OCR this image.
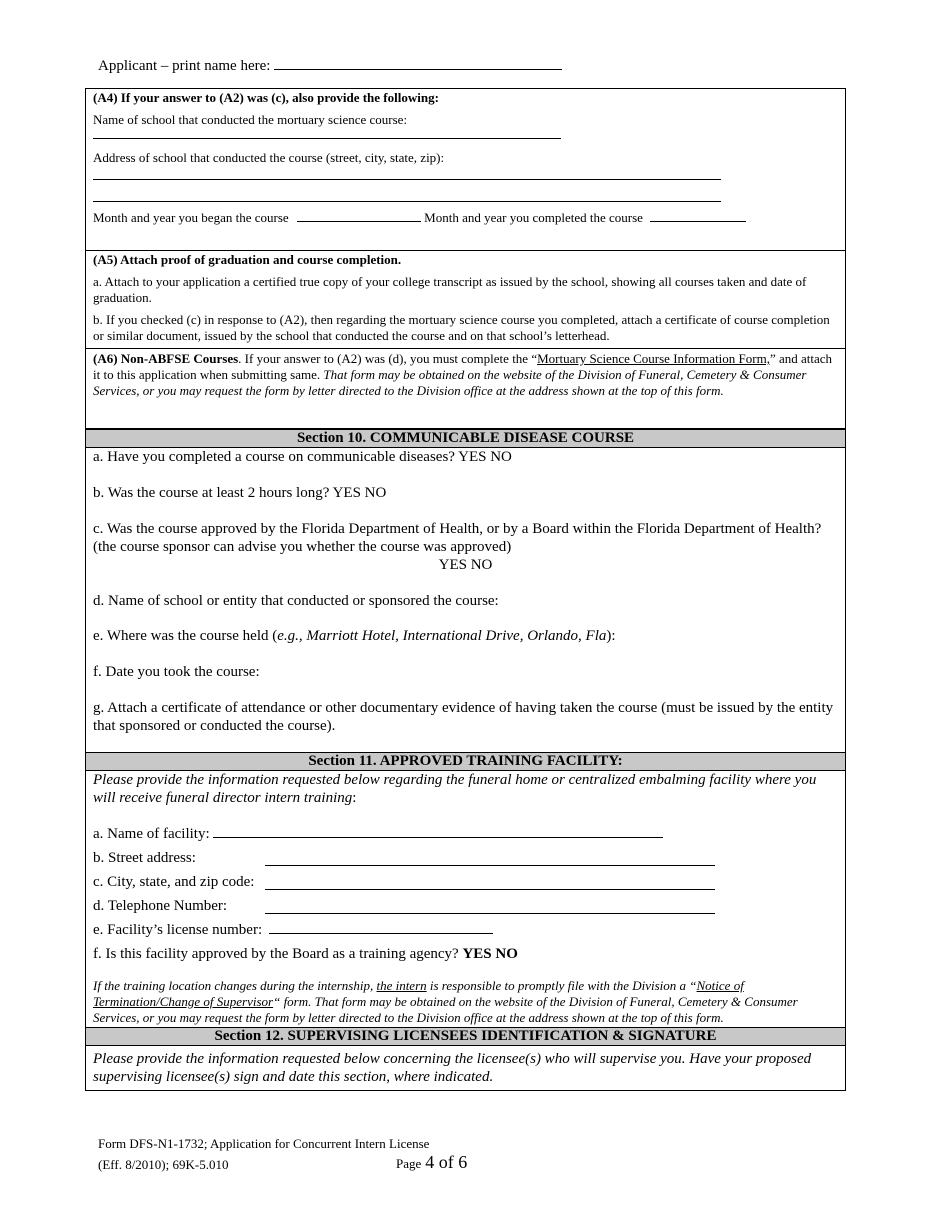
Applicant – print name here:
(A4) If your answer to (A2) was (c), also provide the following:
Name of school that conducted the mortuary science course:
Address of school that conducted the course (street, city, state, zip):
Month and year you began the course	Month and year you completed the course
(A5) Attach proof of graduation and course completion.
a. Attach to your application a certified true copy of your college transcript as issued by the school, showing all courses taken and date of graduation.
b. If you checked (c) in response to (A2), then regarding the mortuary science course you completed, attach a certificate of course completion or similar document, issued by the school that conducted the course and on that school’s letterhead.
(A6) Non-ABFSE Courses. If your answer to (A2) was (d), you must complete the “Mortuary Science Course Information Form,” and attach it to this application when submitting same. That form may be obtained on the website of the Division of Funeral, Cemetery & Consumer Services, or you may request the form by letter directed to the Division office at the address shown at the top of this form.
Section 10. COMMUNICABLE DISEASE COURSE
a. Have you completed a course on communicable diseases? YES NO
b. Was the course at least 2 hours long? YES NO
c. Was the course approved by the Florida Department of Health, or by a Board within the Florida Department of Health? (the course sponsor can advise you whether the course was approved)
YES NO
d. Name of school or entity that conducted or sponsored the course:
e. Where was the course held (e.g., Marriott Hotel, International Drive, Orlando, Fla):
f. Date you took the course:
g. Attach a certificate of attendance or other documentary evidence of having taken the course (must be issued by the entity that sponsored or conducted the course).
Section 11. APPROVED TRAINING FACILITY:
Please provide the information requested below regarding the funeral home or centralized embalming facility where you will receive funeral director intern training:
a. Name of facility:
b. Street address:
c. City, state, and zip code:
d. Telephone Number:
e. Facility’s license number:
f. Is this facility approved by the Board as a training agency? YES NO
If the training location changes during the internship, the intern is responsible to promptly file with the Division a “Notice of Termination/Change of Supervisor“ form. That form may be obtained on the website of the Division of Funeral, Cemetery & Consumer Services, or you may request the form by letter directed to the Division office at the address shown at the top of this form.
Section 12. SUPERVISING LICENSEES IDENTIFICATION & SIGNATURE
Please provide the information requested below concerning the licensee(s) who will supervise you. Have your proposed supervising licensee(s) sign and date this section, where indicated.
Form DFS-N1-1732; Application for Concurrent Intern License
(Eff. 8/2010); 69K-5.010	Page 4 of 6
